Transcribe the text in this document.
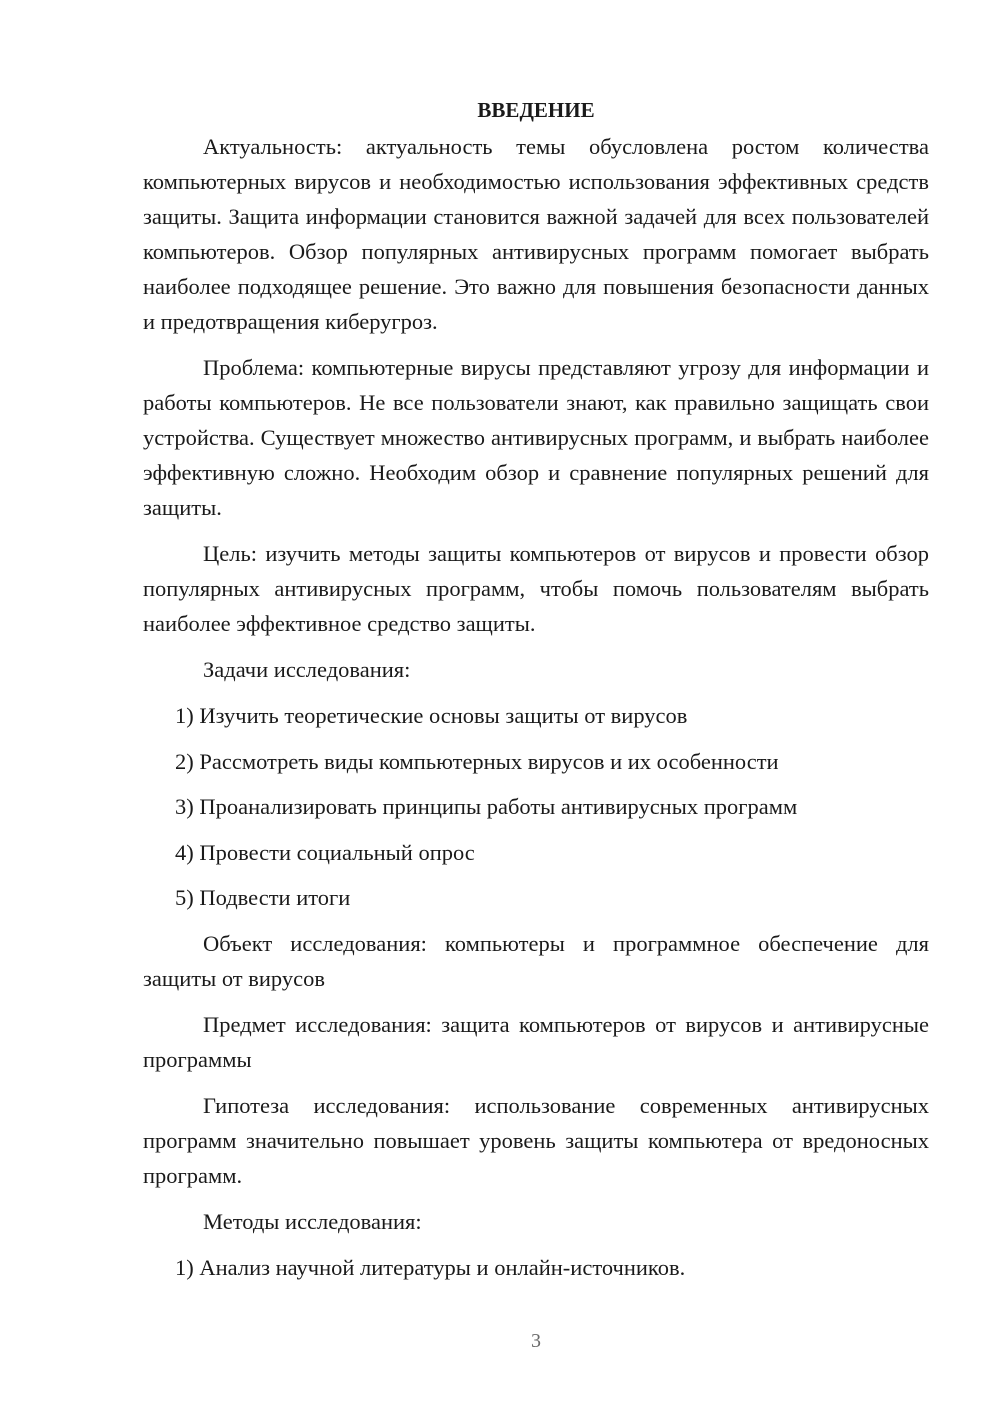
ВВЕДЕНИЕ

Актуальность: актуальность темы обусловлена ростом количества компьютерных вирусов и необходимостью использования эффективных средств защиты. Защита информации становится важной задачей для всех пользователей компьютеров. Обзор популярных антивирусных программ помогает выбрать наиболее подходящее решение. Это важно для повышения безопасности данных и предотвращения киберугроз.

Проблема: компьютерные вирусы представляют угрозу для информации и работы компьютеров. Не все пользователи знают, как правильно защищать свои устройства. Существует множество антивирусных программ, и выбрать наиболее эффективную сложно. Необходим обзор и сравнение популярных решений для защиты.

Цель: изучить методы защиты компьютеров от вирусов и провести обзор популярных антивирусных программ, чтобы помочь пользователям выбрать наиболее эффективное средство защиты.

Задачи исследования:

1) Изучить теоретические основы защиты от вирусов

2) Рассмотреть виды компьютерных вирусов и их особенности

3) Проанализировать принципы работы антивирусных программ

4) Провести социальный опрос

5) Подвести итоги

Объект исследования: компьютеры и программное обеспечение для защиты от вирусов

Предмет исследования: защита компьютеров от вирусов и антивирусные программы

Гипотеза исследования: использование современных антивирусных программ значительно повышает уровень защиты компьютера от вредоносных программ.

Методы исследования:

1) Анализ научной литературы и онлайн-источников.

3
